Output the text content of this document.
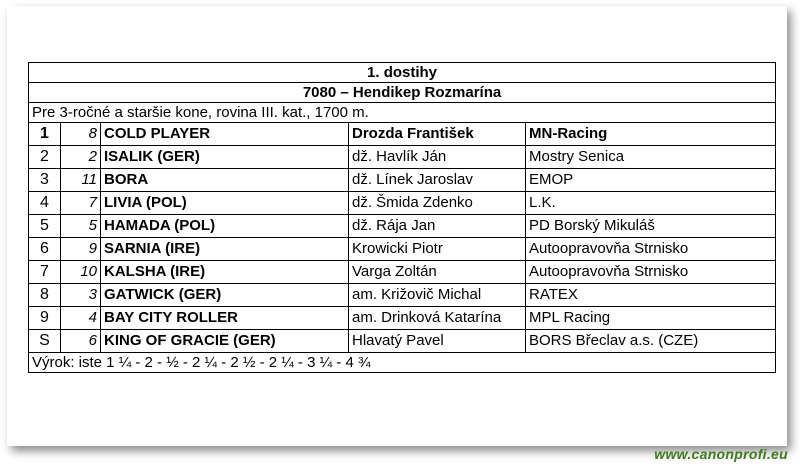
1. dostihy				
7080 – Hendikep Rozmarína				
Pre 3-ročné a staršie kone, rovina III. kat., 1700 m.				
1	8	COLD PLAYER	Drozda František	MN-Racing
2	2	ISALIK (GER)	dž. Havlík Ján	Mostry Senica
3	11	BORA	dž. Línek Jaroslav	EMOP
4	7	LIVIA (POL)	dž. Šmida Zdenko	L.K.
5	5	HAMADA (POL)	dž. Rája Jan	PD Borský Mikuláš
6	9	SARNIA (IRE)	Krowicki Piotr	Autoopravovňa Strnisko
7	10	KALSHA (IRE)	Varga Zoltán	Autoopravovňa Strnisko
8	3	GATWICK (GER)	am. Križovič Michal	RATEX
9	4	BAY CITY ROLLER	am. Drinková Katarína	MPL Racing
S	6	KING OF GRACIE (GER)	Hlavatý Pavel	BORS Břeclav a.s. (CZE)
Výrok: iste 1 ¼ - 2 - ½ - 2 ¼ - 2 ½ - 2 ¼ - 3 ¼ - 4 ¾				
www.canonprofi.eu
